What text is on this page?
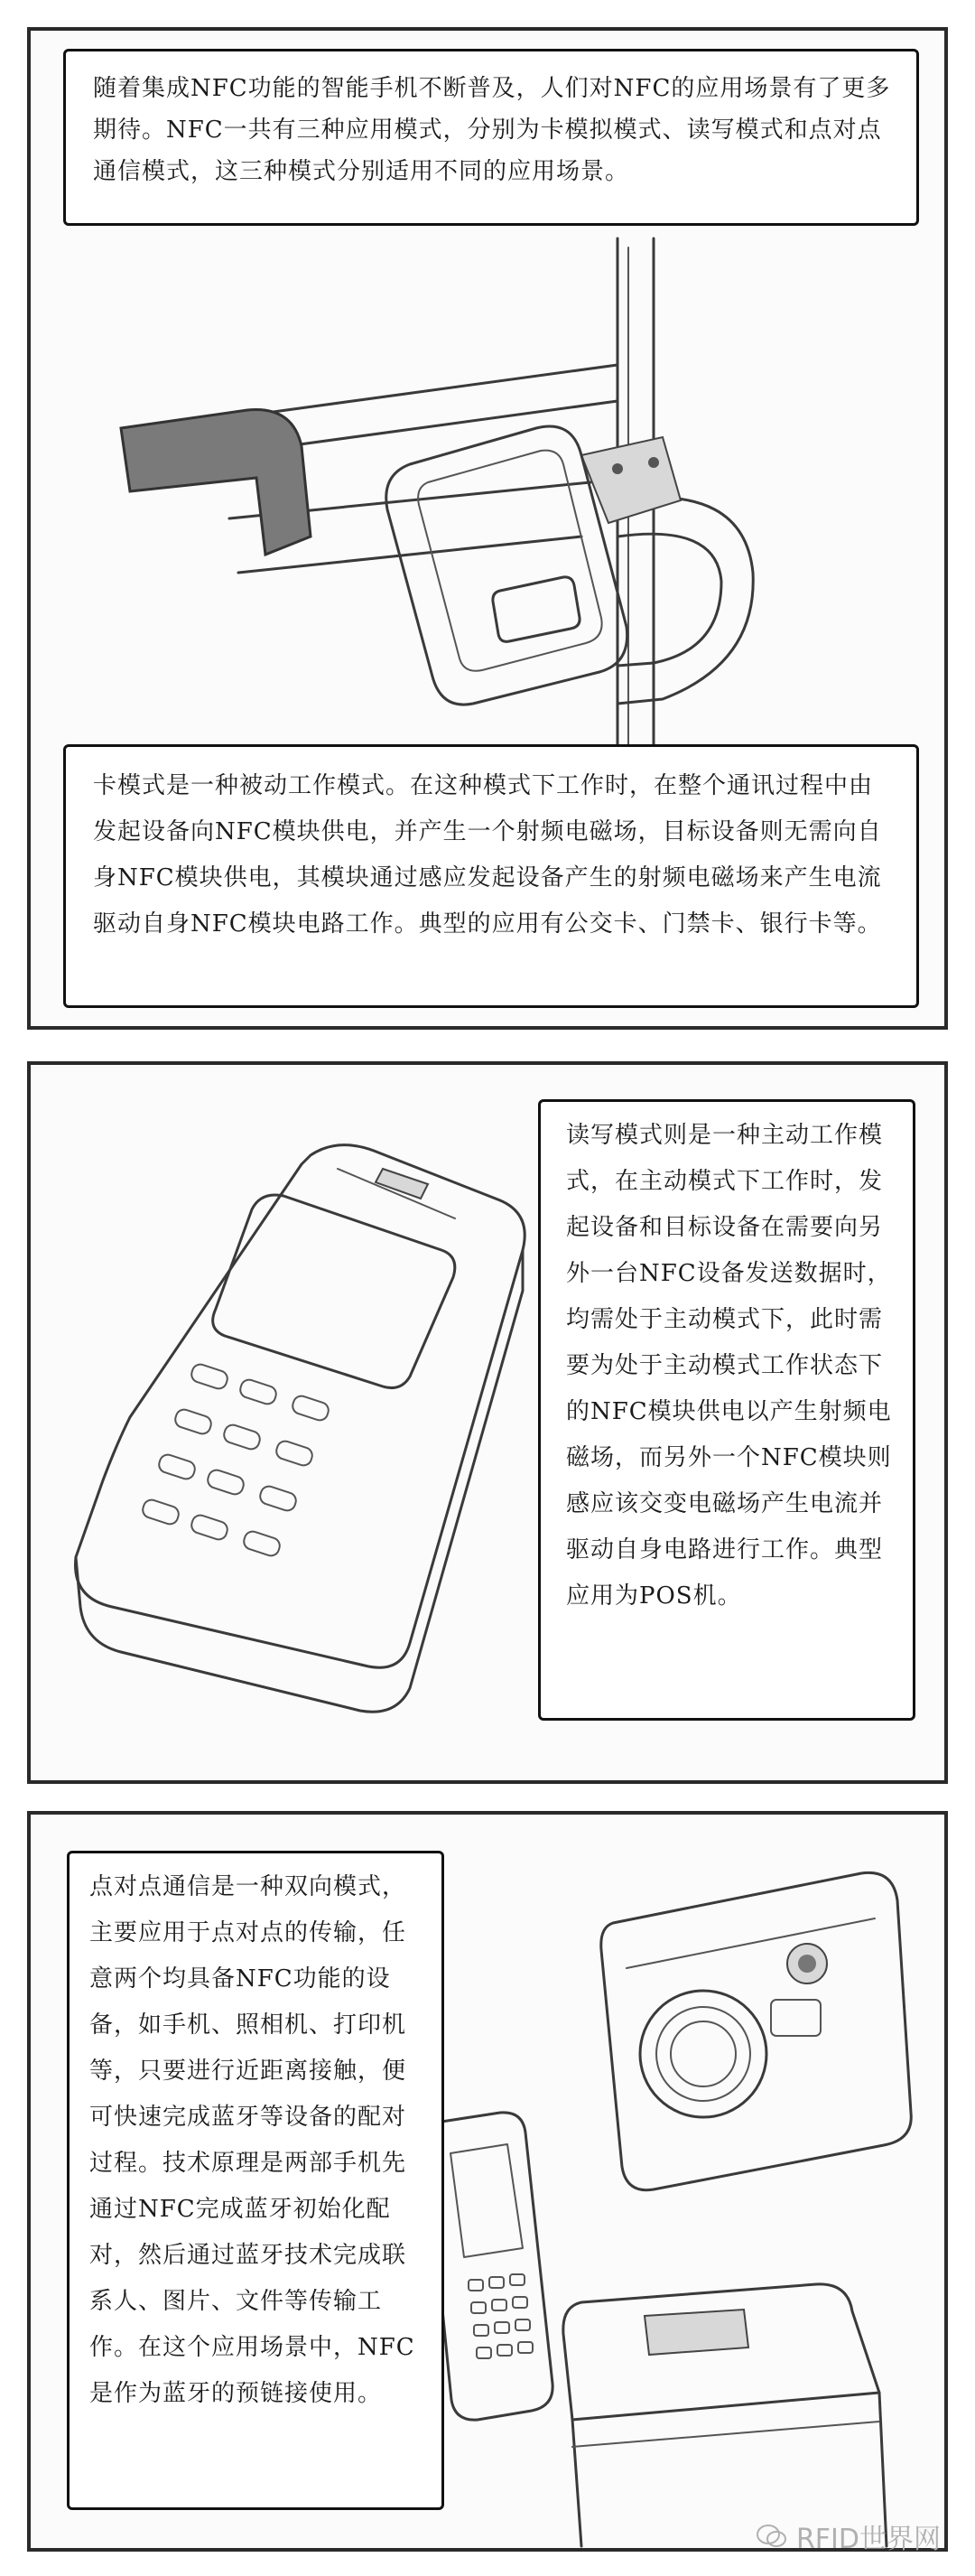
随着集成NFC功能的智能手机不断普及，人们对NFC的应用场景有了更多期待。NFC一共有三种应用模式，分别为卡模拟模式、读写模式和点对点通信模式，这三种模式分别适用不同的应用场景。
卡模式是一种被动工作模式。在这种模式下工作时，在整个通讯过程中由发起设备向NFC模块供电，并产生一个射频电磁场，目标设备则无需向自身NFC模块供电，其模块通过感应发起设备产生的射频电磁场来产生电流驱动自身NFC模块电路工作。典型的应用有公交卡、门禁卡、银行卡等。
读写模式则是一种主动工作模式，在主动模式下工作时，发起设备和目标设备在需要向另外一台NFC设备发送数据时，均需处于主动模式下，此时需要为处于主动模式工作状态下的NFC模块供电以产生射频电磁场，而另外一个NFC模块则感应该交变电磁场产生电流并驱动自身电路进行工作。典型应用为POS机。
点对点通信是一种双向模式，主要应用于点对点的传输，任意两个均具备NFC功能的设备，如手机、照相机、打印机等，只要进行近距离接触，便可快速完成蓝牙等设备的配对过程。技术原理是两部手机先通过NFC完成蓝牙初始化配对，然后通过蓝牙技术完成联系人、图片、文件等传输工作。在这个应用场景中，NFC是作为蓝牙的预链接使用。
RFID世界网
